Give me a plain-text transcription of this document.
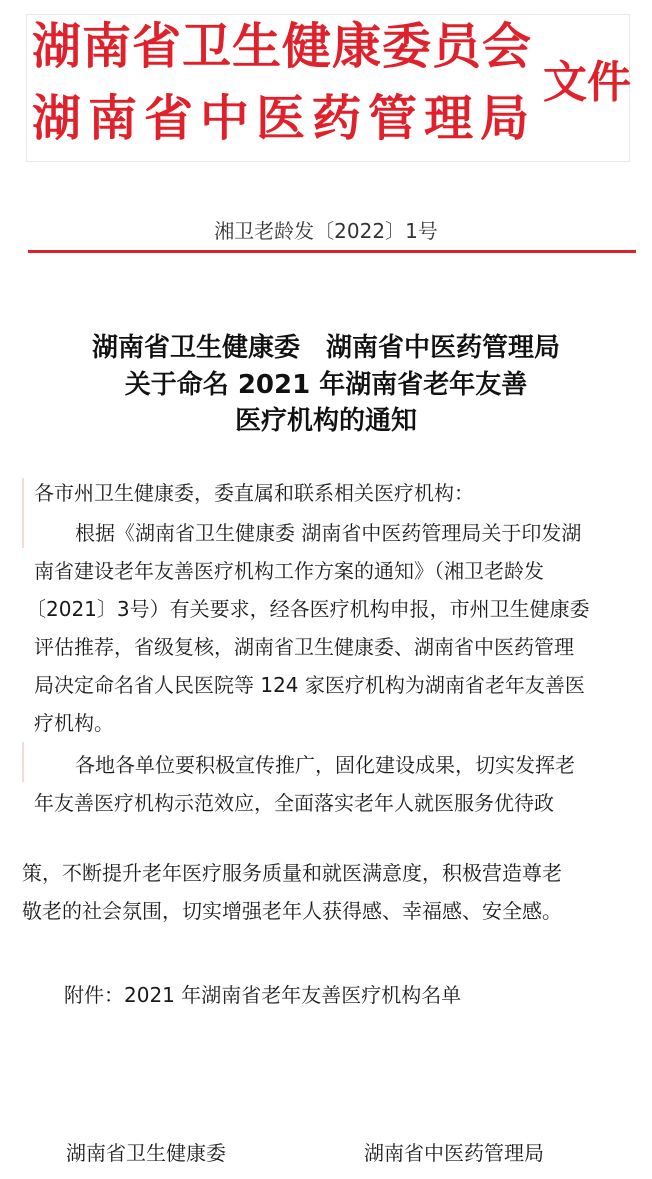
湖南省卫生健康委员会
湖南省中医药管理局
文件
湘卫老龄发〔2022〕1号
湖南省卫生健康委　湖南省中医药管理局
关于命名 2021 年湖南省老年友善
医疗机构的通知
各市州卫生健康委，委直属和联系相关医疗机构：
根据《湖南省卫生健康委 湖南省中医药管理局关于印发湖
南省建设老年友善医疗机构工作方案的通知》（湘卫老龄发
〔2021〕3号）有关要求，经各医疗机构申报，市州卫生健康委
评估推荐，省级复核，湖南省卫生健康委、湖南省中医药管理
局决定命名省人民医院等 124 家医疗机构为湖南省老年友善医
疗机构。
各地各单位要积极宣传推广，固化建设成果，切实发挥老
年友善医疗机构示范效应，全面落实老年人就医服务优待政
策，不断提升老年医疗服务质量和就医满意度，积极营造尊老
敬老的社会氛围，切实增强老年人获得感、幸福感、安全感。
附件：2021 年湖南省老年友善医疗机构名单
湖南省卫生健康委	湖南省中医药管理局
